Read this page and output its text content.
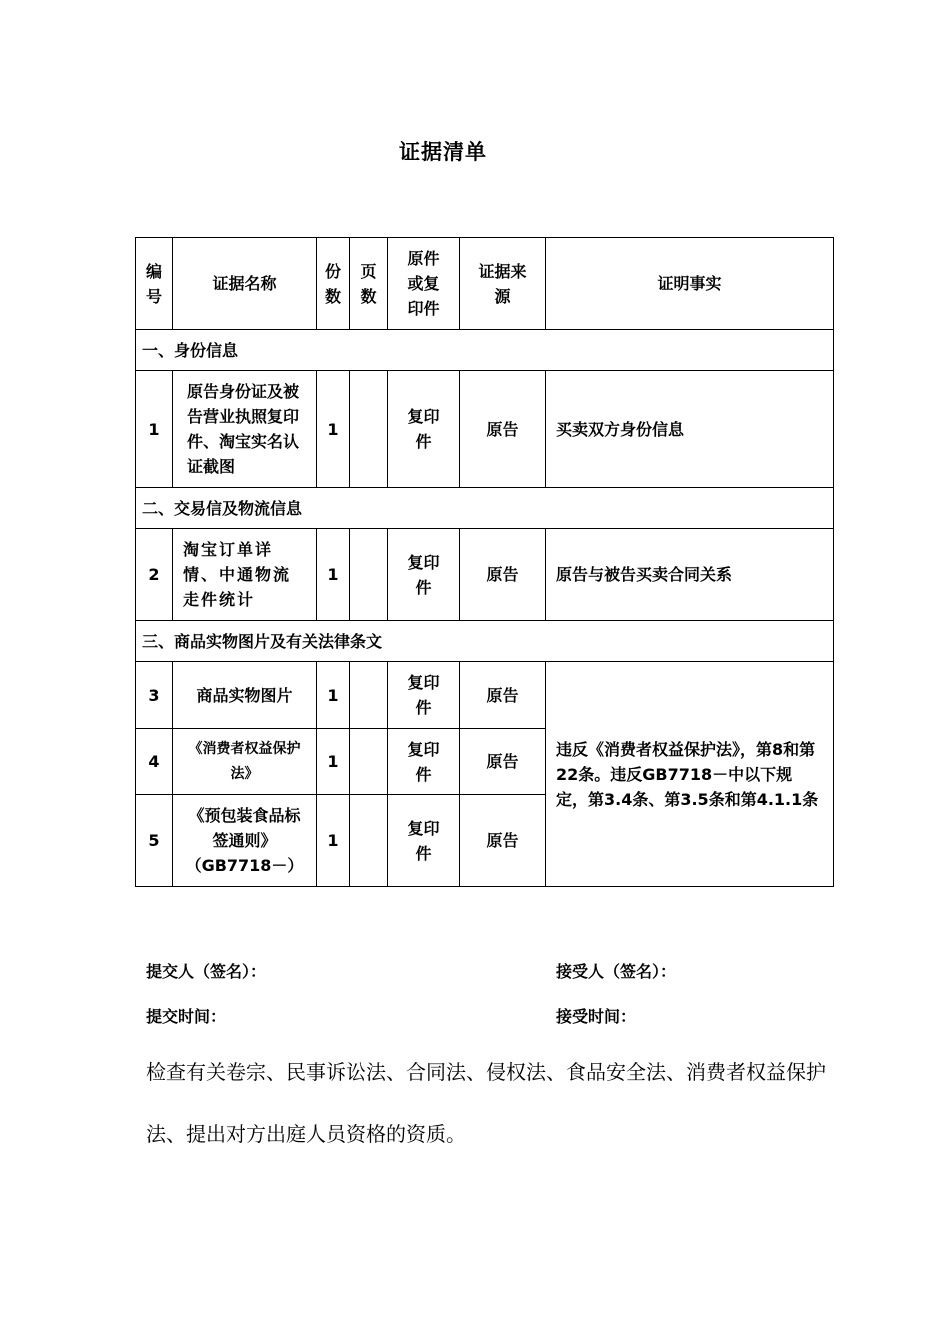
证据清单
编号	证据名称	份数	页数	原件或复印件	证据来源	证明事实
一、身份信息						
1	原告身份证及被告营业执照复印件、淘宝实名认证截图	1		复印件	原告	买卖双方身份信息
二、交易信及物流信息						
2	淘宝订单详情、中通物流走件统计	1		复印件	原告	原告与被告买卖合同关系
三、商品实物图片及有关法律条文						
3	商品实物图片	1		复印件	原告	违反《消费者权益保护法》，第8和第22条。违反GB7718－中以下规定，第3.4条、第3.5条和第4.1.1条
4	《消费者权益保护法》	1		复印件	原告	
5	《预包装食品标签通则》（GB7718－）	1		复印件	原告	
提交人（签名）：	接受人（签名）：
提交时间：	接受时间：
检查有关卷宗、民事诉讼法、合同法、侵权法、食品安全法、消费者权益保护法、提出对方出庭人员资格的资质。
